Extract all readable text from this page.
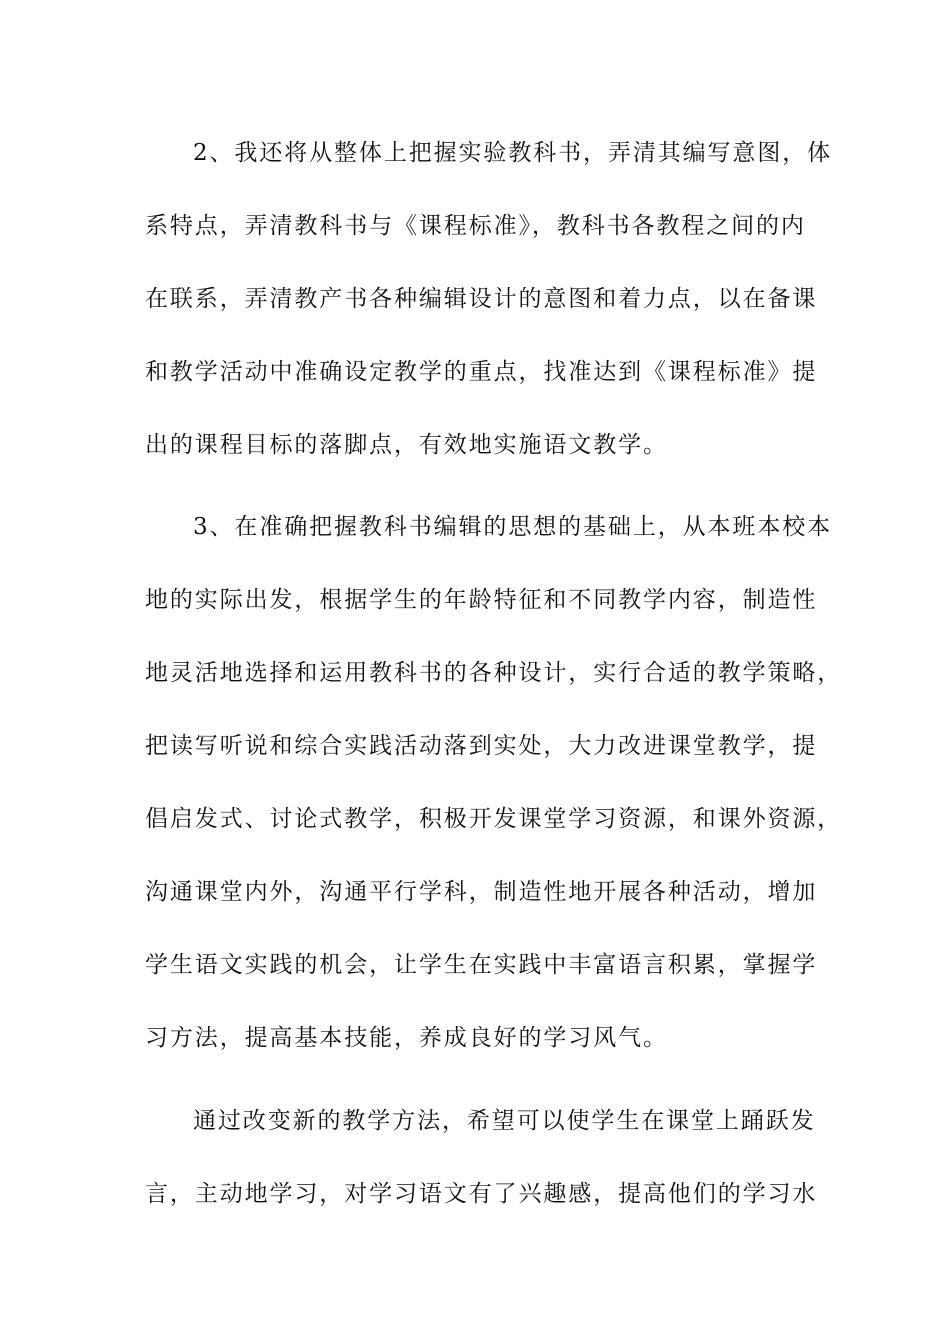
2、我还将从整体上把握实验教科书，弄清其编写意图，体
系特点，弄清教科书与《课程标准》，教科书各教程之间的内
在联系，弄清教产书各种编辑设计的意图和着力点，以在备课
和教学活动中准确设定教学的重点，找准达到《课程标准》提
出的课程目标的落脚点，有效地实施语文教学。
3、在准确把握教科书编辑的思想的基础上，从本班本校本
地的实际出发，根据学生的年龄特征和不同教学内容，制造性
地灵活地选择和运用教科书的各种设计，实行合适的教学策略，
把读写听说和综合实践活动落到实处，大力改进课堂教学，提
倡启发式、讨论式教学，积极开发课堂学习资源，和课外资源，
沟通课堂内外，沟通平行学科，制造性地开展各种活动，增加
学生语文实践的机会，让学生在实践中丰富语言积累，掌握学
习方法，提高基本技能，养成良好的学习风气。
通过改变新的教学方法，希望可以使学生在课堂上踊跃发
言，主动地学习，对学习语文有了兴趣感，提高他们的学习水
